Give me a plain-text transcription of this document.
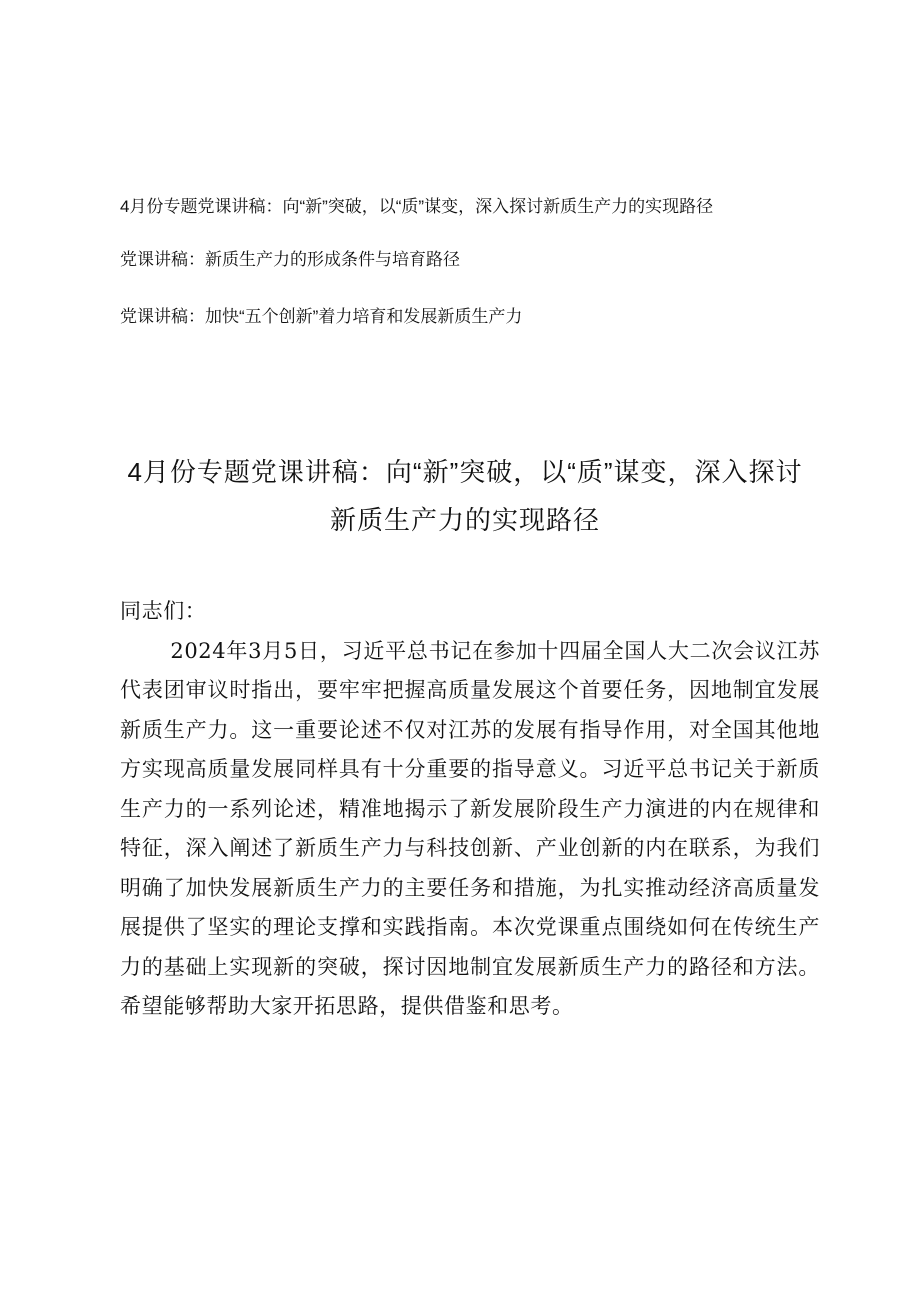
4月份专题党课讲稿：向“新”突破，以“质”谋变，深入探讨新质生产力的实现路径
党课讲稿：新质生产力的形成条件与培育路径
党课讲稿：加快“五个创新”着力培育和发展新质生产力
4月份专题党课讲稿：向“新”突破，以“质”谋变，深入探讨新质生产力的实现路径

同志们：

2024年3月5日，习近平总书记在参加十四届全国人大二次会议江苏代表团审议时指出，要牢牢把握高质量发展这个首要任务，因地制宜发展新质生产力。这一重要论述不仅对江苏的发展有指导作用，对全国其他地方实现高质量发展同样具有十分重要的指导意义。习近平总书记关于新质生产力的一系列论述，精准地揭示了新发展阶段生产力演进的内在规律和特征，深入阐述了新质生产力与科技创新、产业创新的内在联系，为我们明确了加快发展新质生产力的主要任务和措施，为扎实推动经济高质量发展提供了坚实的理论支撑和实践指南。本次党课重点围绕如何在传统生产力的基础上实现新的突破，探讨因地制宜发展新质生产力的路径和方法。希望能够帮助大家开拓思路，提供借鉴和思考。
